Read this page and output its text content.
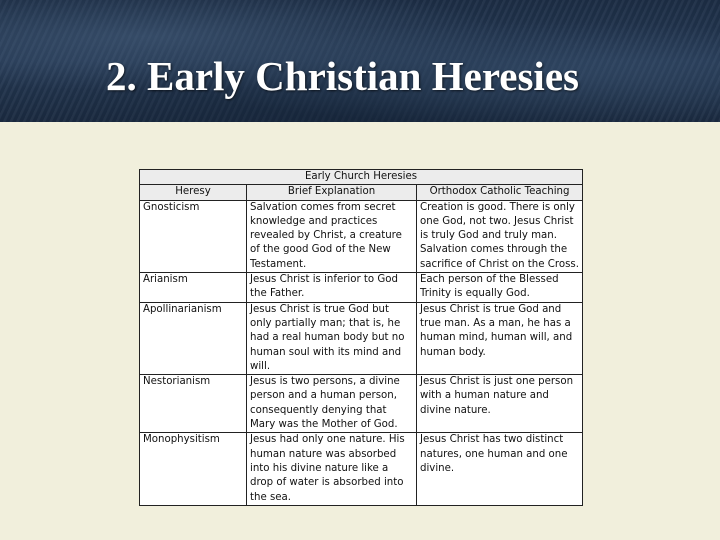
2. Early Christian Heresies
Early Church Heresies		
Heresy	Brief Explanation	Orthodox Catholic Teaching
Gnosticism	Salvation comes from secret knowledge and practices revealed by Christ, a creature of the good God of the New Testament.	Creation is good. There is only one God, not two. Jesus Christ is truly God and truly man. Salvation comes through the sacrifice of Christ on the Cross.
Arianism	Jesus Christ is inferior to God the Father.	Each person of the Blessed Trinity is equally God.
Apollinarianism	Jesus Christ is true God but only partially man; that is, he had a real human body but no human soul with its mind and will.	Jesus Christ is true God and true man. As a man, he has a human mind, human will, and human body.
Nestorianism	Jesus is two persons, a divine person and a human person, consequently denying that Mary was the Mother of God.	Jesus Christ is just one person with a human nature and divine nature.
Monophysitism	Jesus had only one nature. His human nature was absorbed into his divine nature like a drop of water is absorbed into the sea.	Jesus Christ has two distinct natures, one human and one divine.
